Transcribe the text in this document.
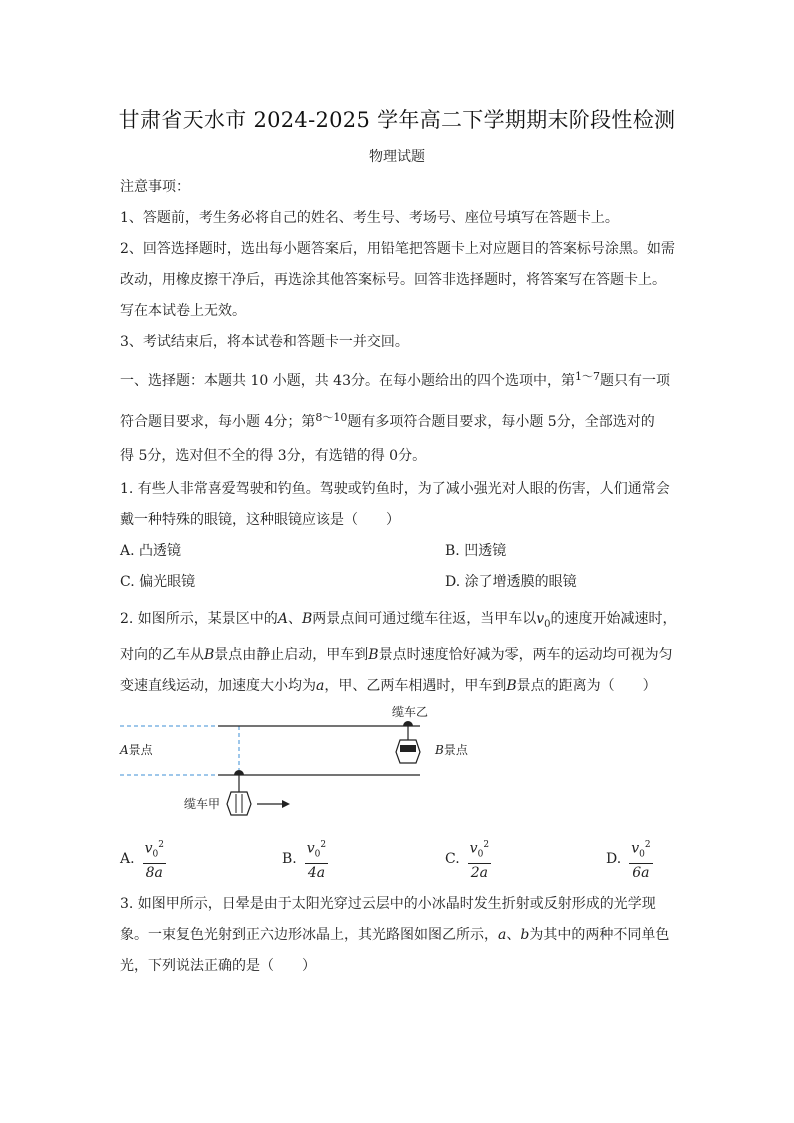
甘肃省天水市 2024-2025 学年高二下学期期末阶段性检测
物理试题
注意事项：
1、答题前，考生务必将自己的姓名、考生号、考场号、座位号填写在答题卡上。
2、回答选择题时，选出每小题答案后，用铅笔把答题卡上对应题目的答案标号涂黑。如需
改动，用橡皮擦干净后，再选涂其他答案标号。回答非选择题时，将答案写在答题卡上。
写在本试卷上无效。
3、考试结束后，将本试卷和答题卡一并交回。
一、选择题：本题共 10 小题，共 43分。在每小题给出的四个选项中，第$^{1\sim 7}$题只有一项
符合题目要求，每小题 4分；第$^{8\sim 10}$题有多项符合题目要求，每小题 5分，全部选对的
得 5分，选对但不全的得 3分，有选错的得 0分。
1. 有些人非常喜爱驾驶和钓鱼。驾驶或钓鱼时，为了减小强光对人眼的伤害，人们通常会
戴一种特殊的眼镜，这种眼镜应该是（　　）
A. 凸透镜	B. 凹透镜
C. 偏光眼镜	D. 涂了增透膜的眼镜
2. 如图所示，某景区中的A、B两景点间可通过缆车往返，当甲车以$v_0$的速度开始减速时，
对向的乙车从B景点由静止启动，甲车到B景点时速度恰好减为零，两车的运动均可视为匀
变速直线运动，加速度大小均为a，甲、乙两车相遇时，甲车到B景点的距离为（　　）
缆车乙
缆车甲
A景点	B景点
A. $\frac{v_0^2}{8a}$	B. $\frac{v_0^2}{4a}$	C. $\frac{v_0^2}{2a}$	D. $\frac{v_0^2}{6a}$
3. 如图甲所示，日晕是由于太阳光穿过云层中的小冰晶时发生折射或反射形成的光学现
象。一束复色光射到正六边形冰晶上，其光路图如图乙所示，a、b为其中的两种不同单色
光，下列说法正确的是（　　）
